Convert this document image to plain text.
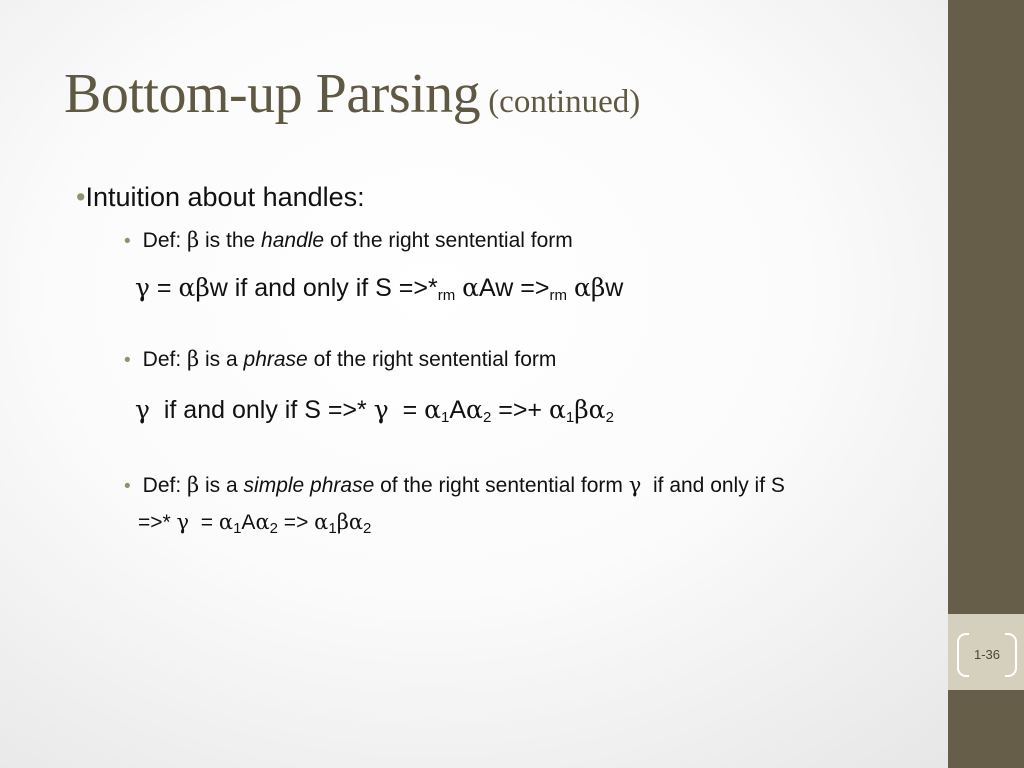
1-36
Bottom-up Parsing (continued)
•Intuition about handles:
• Def: β is the handle of the right sentential form
γ = αβw if and only if $S =>*_{rm}$ $\alpha Aw =>_{rm}$ αβw
• Def: β is a phrase of the right sentential form
γ if and only if S =>* $\gamma = \alpha_1A\alpha_2$ =>+ $\alpha_1\beta\alpha_2$
• Def: β is a simple phrase of the right sentential form γ if and only if S
=>* $\gamma = \alpha_1A\alpha_2 => \alpha_1\beta\alpha_2$
